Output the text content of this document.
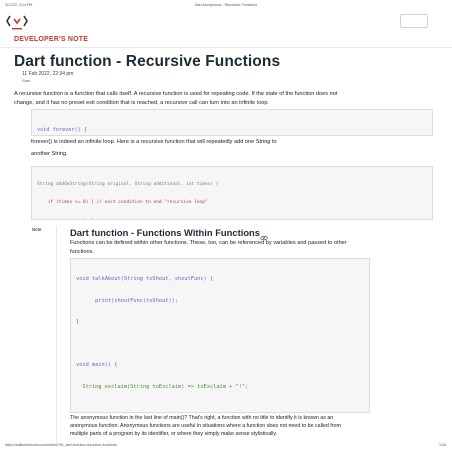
3/17/22, 2:14 PM	Dart Anonymous - Recursive Functions
DEVELOPER'S NOTE
Dart function - Recursive Functions
11 Feb 2022, 22:34 pm
Sam
A recursive function is a function that calls itself. A recursive function is used for repeating code. If the state of the function does not
change, and it has no preset exit condition that is reached, a recursive call can turn into an infinite loop.

void forever() {

forever() is indeed an infinite loop. Here is a recursive function that will repeatedly add one String to
another String.

String addOnString(String original, String additional, int times) {

if (times <= 0) { // exit condition to end "recursive loop"

Note	Dart function - Functions Within Functions
Functions can be defined within other functions. These, too, can be referenced by variables and passed to other
functions.

void talkAbout(String toShout, shoutFunc) {

print(shoutFunc(toShout));

}

void main() {

String exclaim(String toExclaim) => toExclaim + "!";

The anonymous function in the last line of main()? That's right, a function with no title to identify it is known as an
anonymous function. Anonymous functions are useful in situations where a function does not need to be called from
multiple parts of a program by its identifier, or where they simply make sense stylistically.
https://sailforinterview.com/notes/?ID_dart-function-recursive-functions	1/16
